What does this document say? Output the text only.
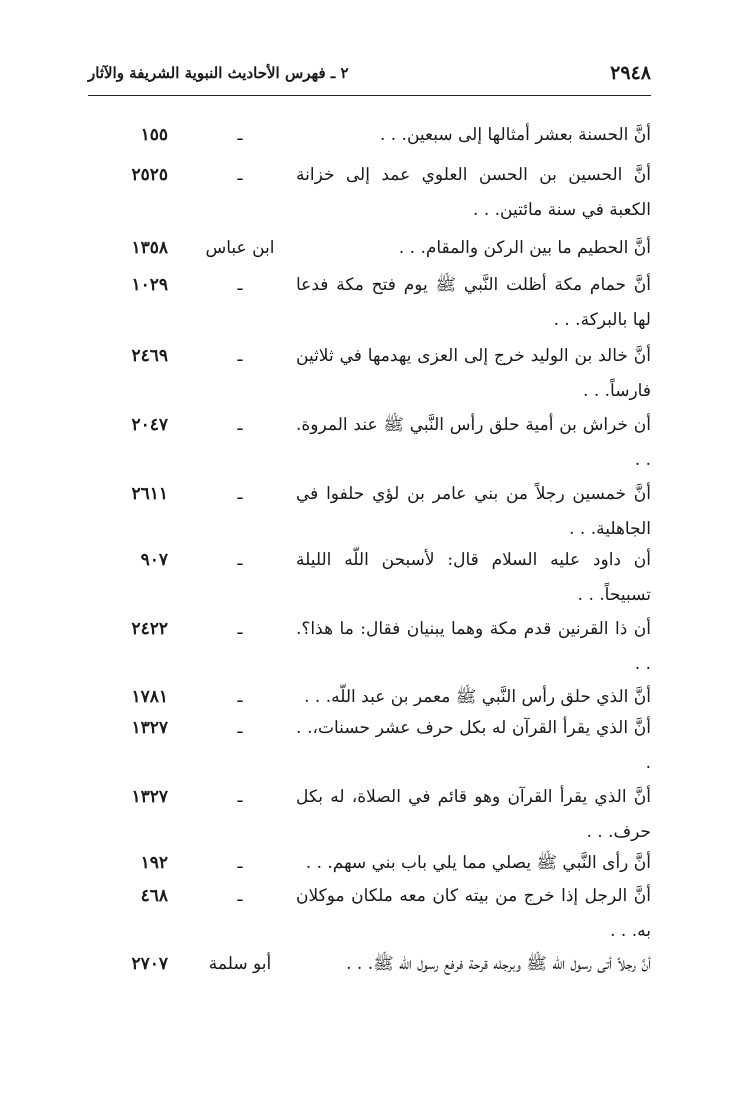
٢٩٤٨
٢ ـ فهرس الأحاديث النبوية الشريفة والآثار
أنَّ الحسنة بعشر أمثالها إلى سبعين. . .
ـ
١٥٥
أنَّ الحسين بن الحسن العلوي عمد إلى خزانة الكعبة في سنة مائتين. . .
ـ
٢٥٢٥
أنَّ الحطيم ما بين الركن والمقام. . .
ابن عباس
١٣٥٨
أنَّ حمام مكة أظلت النَّبي ﷺ يوم فتح مكة فدعا لها بالبركة. . .
ـ
١٠٢٩
أنَّ خالد بن الوليد خرج إلى العزى يهدمها في ثلاثين فارساً. . .
ـ
٢٤٦٩
أن خراش بن أمية حلق رأس النَّبي ﷺ عند المروة. . .
ـ
٢٠٤٧
أنَّ خمسين رجلاً من بني عامر بن لؤي حلفوا في الجاهلية. . .
ـ
٢٦١١
أن داود عليه السلام قال: لأسبحن اللّه الليلة تسبيحاً. . .
ـ
٩٠٧
أن ذا القرنين قدم مكة وهما يبنيان فقال: ما هذا؟. . .
ـ
٢٤٢٢
أنَّ الذي حلق رأس النَّبي ﷺ معمر بن عبد اللّه. . .
ـ
١٧٨١
أنَّ الذي يقرأ القرآن له بكل حرف عشر حسنات،. . .
ـ
١٣٢٧
أنَّ الذي يقرأ القرآن وهو قائم في الصلاة، له بكل حرف. . .
ـ
١٣٢٧
أنَّ رأى النَّبي ﷺ يصلي مما يلي باب بني سهم. . .
ـ
١٩٢
أنَّ الرجل إذا خرج من بيته كان معه ملكان موكلان به. . .
ـ
٤٦٨
أنَّ رجلاً أتى رسول اللّه ﷺ وبرجله قرحة فرفع رسول اللّه ﷺ. . .
أبو سلمة
٢٧٠٧
